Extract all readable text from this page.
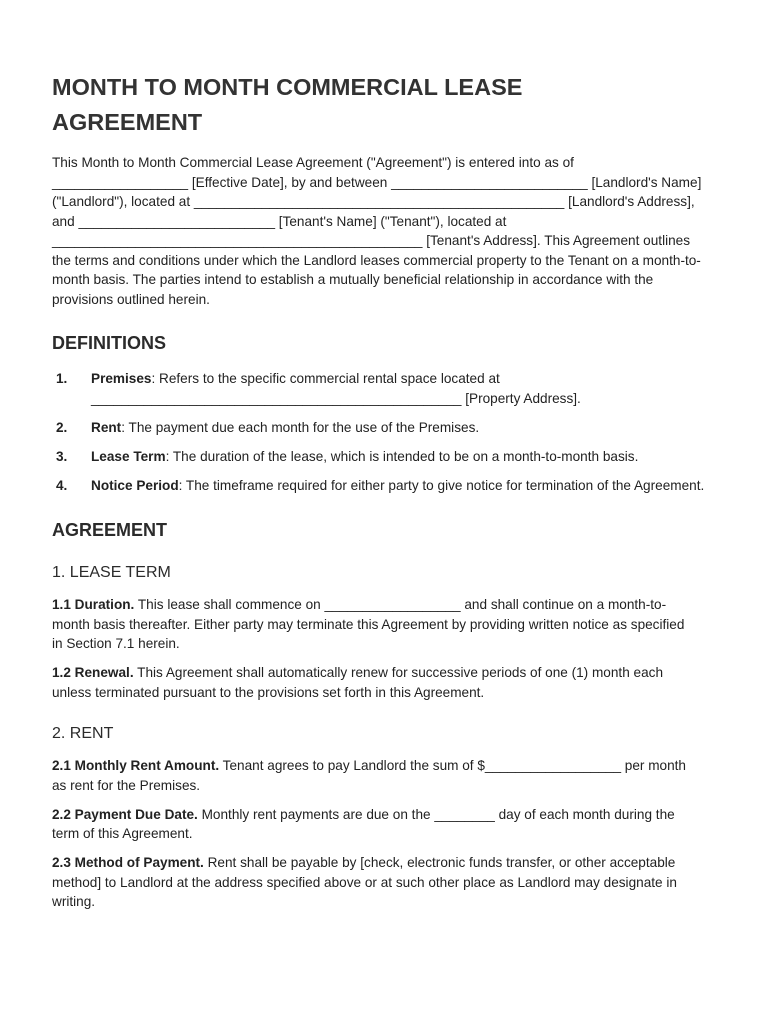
MONTH TO MONTH COMMERCIAL LEASE AGREEMENT

This Month to Month Commercial Lease Agreement ("Agreement") is entered into as of __________________ [Effective Date], by and between __________________________ [Landlord's Name] ("Landlord"), located at _________________________________________________ [Landlord's Address], and __________________________ [Tenant's Name] ("Tenant"), located at _________________________________________________ [Tenant's Address]. This Agreement outlines the terms and conditions under which the Landlord leases commercial property to the Tenant on a month-to-month basis. The parties intend to establish a mutually beneficial relationship in accordance with the provisions outlined herein.

DEFINITIONS
1.	Premises: Refers to the specific commercial rental space located at _________________________________________________ [Property Address].
2.	Rent: The payment due each month for the use of the Premises.
3.	Lease Term: The duration of the lease, which is intended to be on a month-to-month basis.
4.	Notice Period: The timeframe required for either party to give notice for termination of the Agreement.
AGREEMENT
1. LEASE TERM

1.1 Duration. This lease shall commence on __________________ and shall continue on a month-to-month basis thereafter. Either party may terminate this Agreement by providing written notice as specified in Section 7.1 herein.

1.2 Renewal. This Agreement shall automatically renew for successive periods of one (1) month each unless terminated pursuant to the provisions set forth in this Agreement.

2. RENT

2.1 Monthly Rent Amount. Tenant agrees to pay Landlord the sum of $__________________ per month as rent for the Premises.

2.2 Payment Due Date. Monthly rent payments are due on the ________ day of each month during the term of this Agreement.

2.3 Method of Payment. Rent shall be payable by [check, electronic funds transfer, or other acceptable method] to Landlord at the address specified above or at such other place as Landlord may designate in writing.
